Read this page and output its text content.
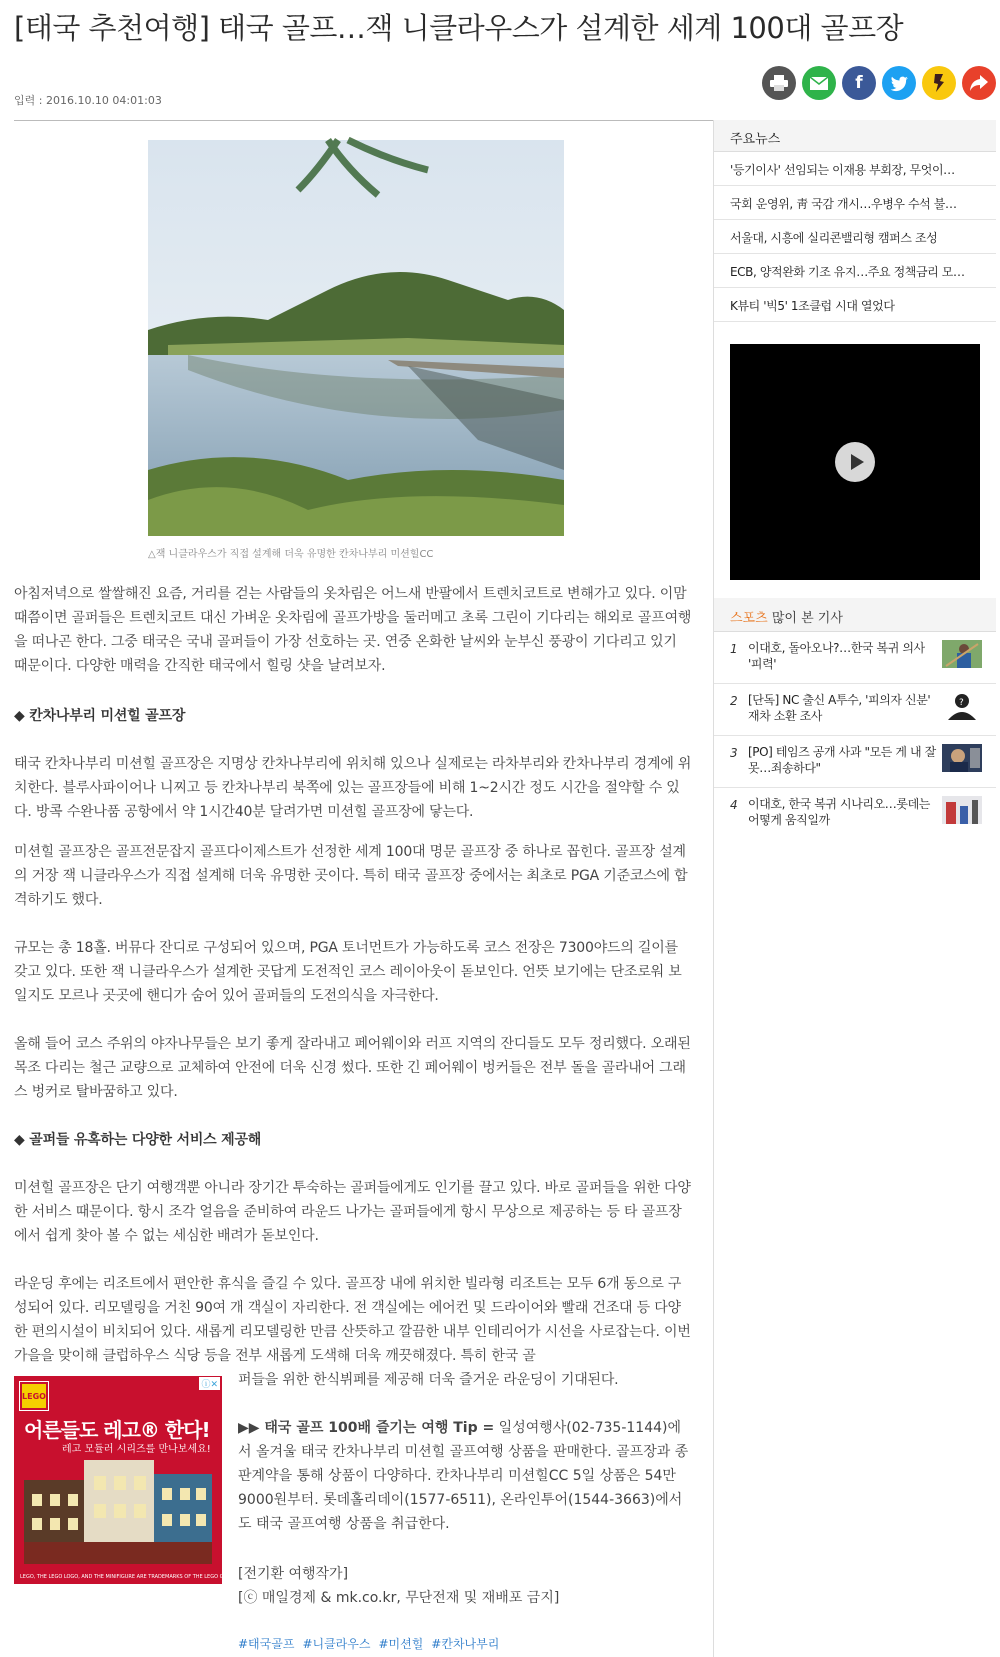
[태국 추천여행] 태국 골프…잭 니클라우스가 설계한 세계 100대 골프장
입력 : 2016.10.10 04:01:03
f
△잭 니클라우스가 직접 설계해 더욱 유명한 칸차나부리 미션힐CC

아침저녁으로 쌀쌀해진 요즘, 거리를 걷는 사람들의 옷차림은 어느새 반팔에서 트렌치코트로 변해가고 있다. 이맘때쯤이면 골퍼들은 트렌치코트 대신 가벼운 옷차림에 골프가방을 둘러메고 초록 그린이 기다리는 해외로 골프여행을 떠나곤 한다. 그중 태국은 국내 골퍼들이 가장 선호하는 곳. 연중 온화한 날씨와 눈부신 풍광이 기다리고 있기 때문이다. 다양한 매력을 간직한 태국에서 힐링 샷을 날려보자.

◆ 칸차나부리 미션힐 골프장

태국 칸차나부리 미션힐 골프장은 지명상 칸차나부리에 위치해 있으나 실제로는 라차부리와 칸차나부리 경계에 위치한다. 블루사파이어나 니찌고 등 칸차나부리 북쪽에 있는 골프장들에 비해 1~2시간 정도 시간을 절약할 수 있다. 방콕 수완나품 공항에서 약 1시간40분 달려가면 미션힐 골프장에 닿는다.

미션힐 골프장은 골프전문잡지 골프다이제스트가 선정한 세계 100대 명문 골프장 중 하나로 꼽힌다. 골프장 설계의 거장 잭 니클라우스가 직접 설계해 더욱 유명한 곳이다. 특히 태국 골프장 중에서는 최초로 PGA 기준코스에 합격하기도 했다.

규모는 총 18홀. 버뮤다 잔디로 구성되어 있으며, PGA 토너먼트가 가능하도록 코스 전장은 7300야드의 길이를 갖고 있다. 또한 잭 니클라우스가 설계한 곳답게 도전적인 코스 레이아웃이 돋보인다. 언뜻 보기에는 단조로워 보일지도 모르나 곳곳에 핸디가 숨어 있어 골퍼들의 도전의식을 자극한다.

올해 들어 코스 주위의 야자나무들은 보기 좋게 잘라내고 페어웨이와 러프 지역의 잔디들도 모두 정리했다. 오래된 목조 다리는 철근 교량으로 교체하여 안전에 더욱 신경 썼다. 또한 긴 페어웨이 벙커들은 전부 돌을 골라내어 그래스 벙커로 탈바꿈하고 있다.

◆ 골퍼들 유혹하는 다양한 서비스 제공해

미션힐 골프장은 단기 여행객뿐 아니라 장기간 투숙하는 골퍼들에게도 인기를 끌고 있다. 바로 골퍼들을 위한 다양한 서비스 때문이다. 항시 조각 얼음을 준비하여 라운드 나가는 골퍼들에게 항시 무상으로 제공하는 등 타 골프장에서 쉽게 찾아 볼 수 없는 세심한 배려가 돋보인다.

라운딩 후에는 리조트에서 편안한 휴식을 즐길 수 있다. 골프장 내에 위치한 빌라형 리조트는 모두 6개 동으로 구성되어 있다. 리모델링을 거친 90여 개 객실이 자리한다. 전 객실에는 에어컨 및 드라이어와 빨래 건조대 등 다양한 편의시설이 비치되어 있다. 새롭게 리모델링한 만큼 산뜻하고 깔끔한 내부 인테리어가 시선을 사로잡는다. 이번 가을을 맞이해 클럽하우스 식당 등을 전부 새롭게 도색해 더욱 깨끗해졌다. 특히 한국 골

퍼들을 위한 한식뷔페를 제공해 더욱 즐거운 라운딩이 기대된다.

LEGO
ⓘ✕
어른들도 레고® 한다!
레고 모듈러 시리즈를 만나보세요!
LEGO, THE LEGO LOGO, AND THE MINIFIGURE ARE TRADEMARKS OF THE LEGO GROUP. ©2016
▶▶ 태국 골프 100배 즐기는 여행 Tip = 일성여행사(02-735-1144)에서 올겨울 태국 칸차나부리 미션힐 골프여행 상품을 판매한다. 골프장과 종판계약을 통해 상품이 다양하다. 칸차나부리 미션힐CC 5일 상품은 54만 9000원부터. 롯데홀리데이(1577-6511), 온라인투어(1544-3663)에서도 태국 골프여행 상품을 취급한다.
[전기환 여행작가]
[ⓒ 매일경제 & mk.co.kr, 무단전재 및 재배포 금지]
#태국골프 #니클라우스 #미션힐 #칸차나부리
주요뉴스
'등기이사' 선임되는 이재용 부회장, 무엇이…
국회 운영위, 靑 국감 개시…우병우 수석 불…
서울대, 시흥에 실리콘밸리형 캠퍼스 조성
ECB, 양적완화 기조 유지…주요 정책금리 모…
K뷰티 '빅5' 1조클럽 시대 열었다
스포츠 많이 본 기사
1 이대호, 돌아오나?…한국 복귀 의사 '피력'
2 [단독] NC 출신 A투수, '피의자 신분' 재차 소환 조사
?
3 [PO] 테임즈 공개 사과 "모든 게 내 잘못…죄송하다"
4 이대호, 한국 복귀 시나리오…롯데는 어떻게 움직일까
